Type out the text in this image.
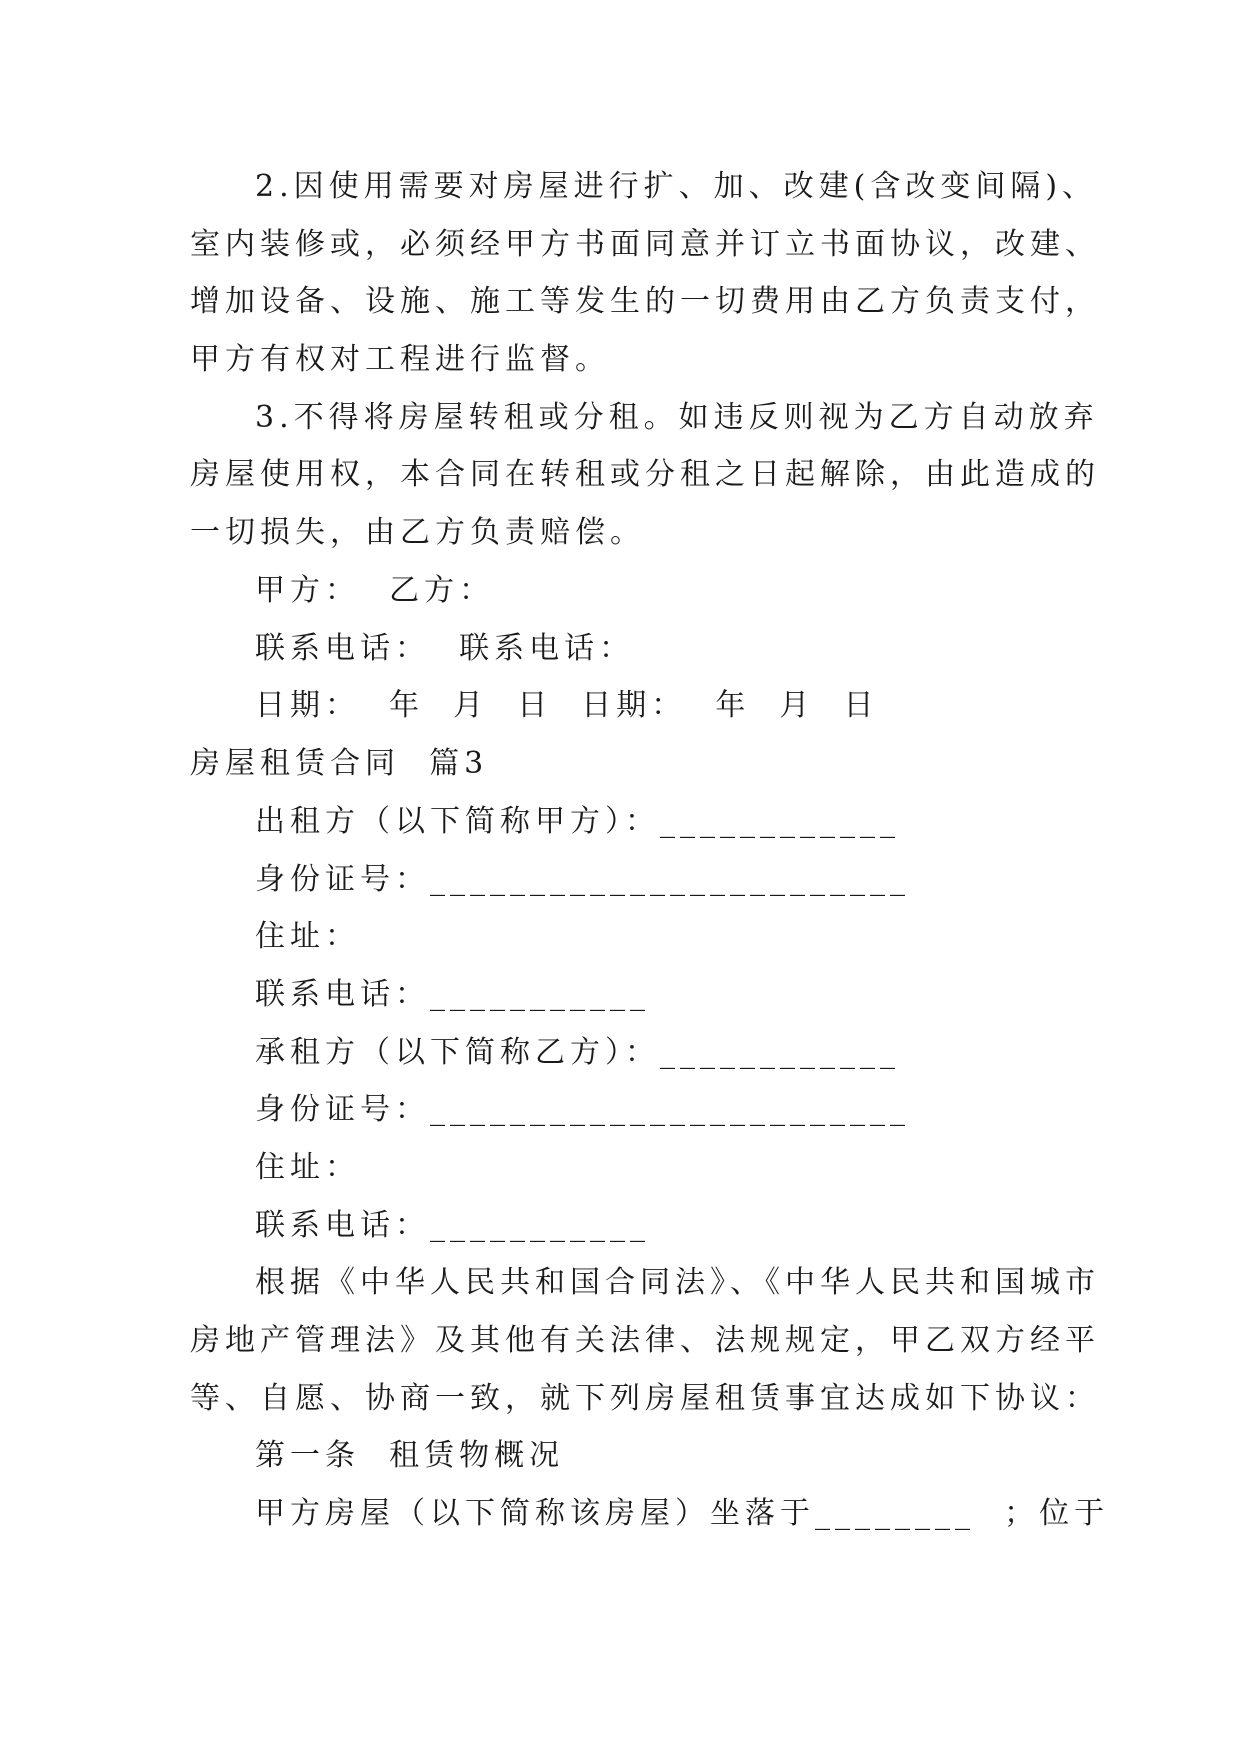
2.因使用需要对房屋进行扩、加、改建(含改变间隔)、
室内装修或，必须经甲方书面同意并订立书面协议，改建、
增加设备、设施、施工等发生的一切费用由乙方负责支付，
甲方有权对工程进行监督。
3.不得将房屋转租或分租。如违反则视为乙方自动放弃
房屋使用权，本合同在转租或分租之日起解除，由此造成的
一切损失，由乙方负责赔偿。
甲方：  乙方：
联系电话：  联系电话：
日期：  年  月  日  日期：  年  月  日
房屋租赁合同  篇3
出租方（以下简称甲方）：____________
身份证号：________________________
住址：
联系电话：___________
承租方（以下简称乙方）：____________
身份证号：________________________
住址：
联系电话：___________
根据《中华人民共和国合同法》、《中华人民共和国城市
房地产管理法》及其他有关法律、法规规定，甲乙双方经平
等、自愿、协商一致，就下列房屋租赁事宜达成如下协议：
第一条  租赁物概况
甲方房屋（以下简称该房屋）坐落于________  ；位于
